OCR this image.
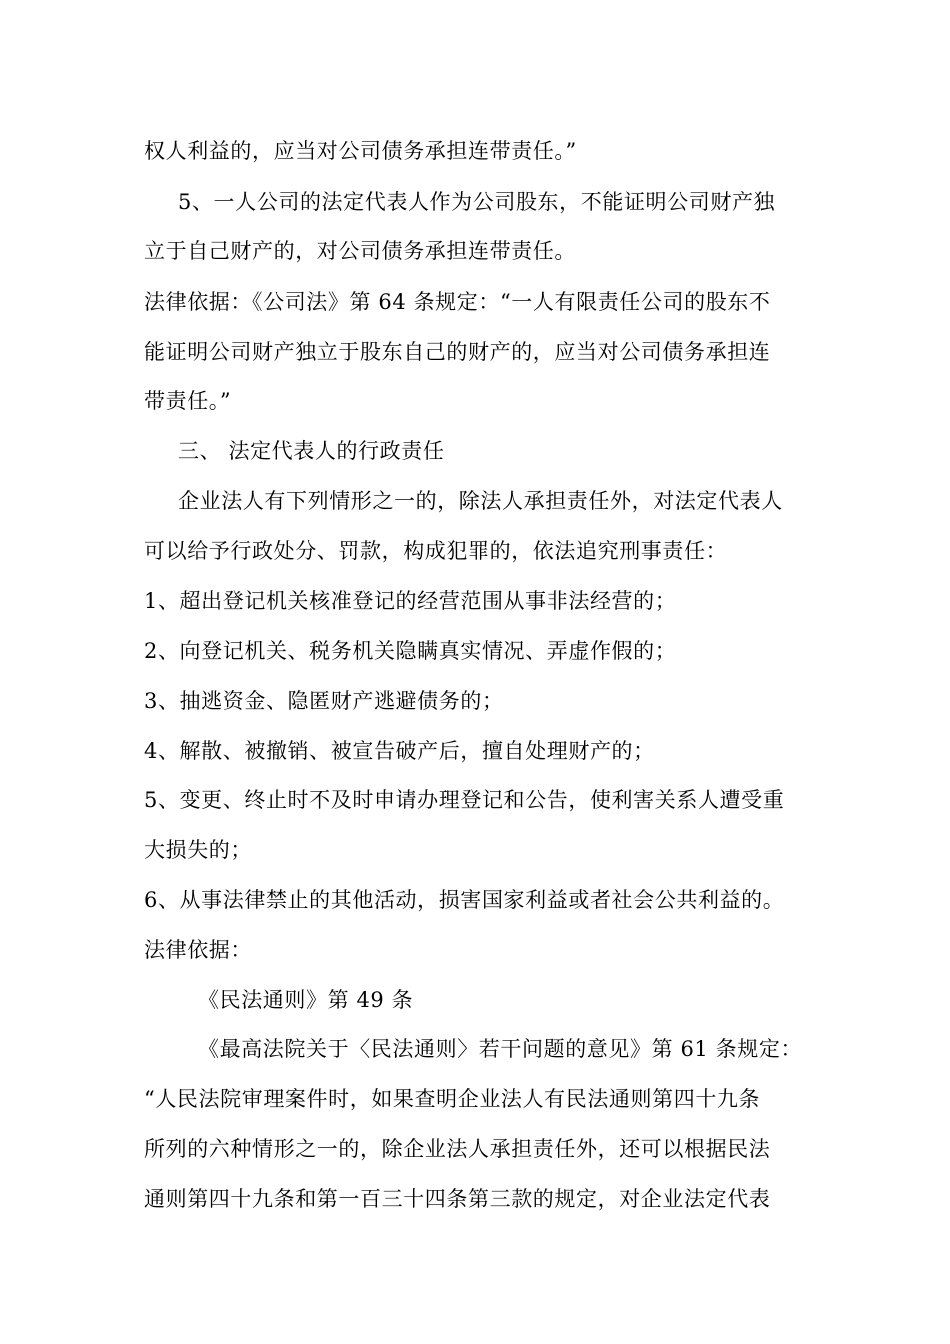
权人利益的，应当对公司债务承担连带责任。”
5、一人公司的法定代表人作为公司股东，不能证明公司财产独
立于自己财产的，对公司债务承担连带责任。
法律依据：《公司法》第 64 条规定：“一人有限责任公司的股东不
能证明公司财产独立于股东自己的财产的，应当对公司债务承担连
带责任。”
三、 法定代表人的行政责任
企业法人有下列情形之一的，除法人承担责任外，对法定代表人
可以给予行政处分、罚款，构成犯罪的，依法追究刑事责任：
1、超出登记机关核准登记的经营范围从事非法经营的；
2、向登记机关、税务机关隐瞒真实情况、弄虚作假的；
3、抽逃资金、隐匿财产逃避债务的；
4、解散、被撤销、被宣告破产后，擅自处理财产的；
5、变更、终止时不及时申请办理登记和公告，使利害关系人遭受重
大损失的；
6、从事法律禁止的其他活动，损害国家利益或者社会公共利益的。
法律依据：
《民法通则》第 49 条
《最高法院关于〈民法通则〉若干问题的意见》第 61 条规定：
“人民法院审理案件时，如果查明企业法人有民法通则第四十九条
所列的六种情形之一的，除企业法人承担责任外，还可以根据民法
通则第四十九条和第一百三十四条第三款的规定，对企业法定代表
